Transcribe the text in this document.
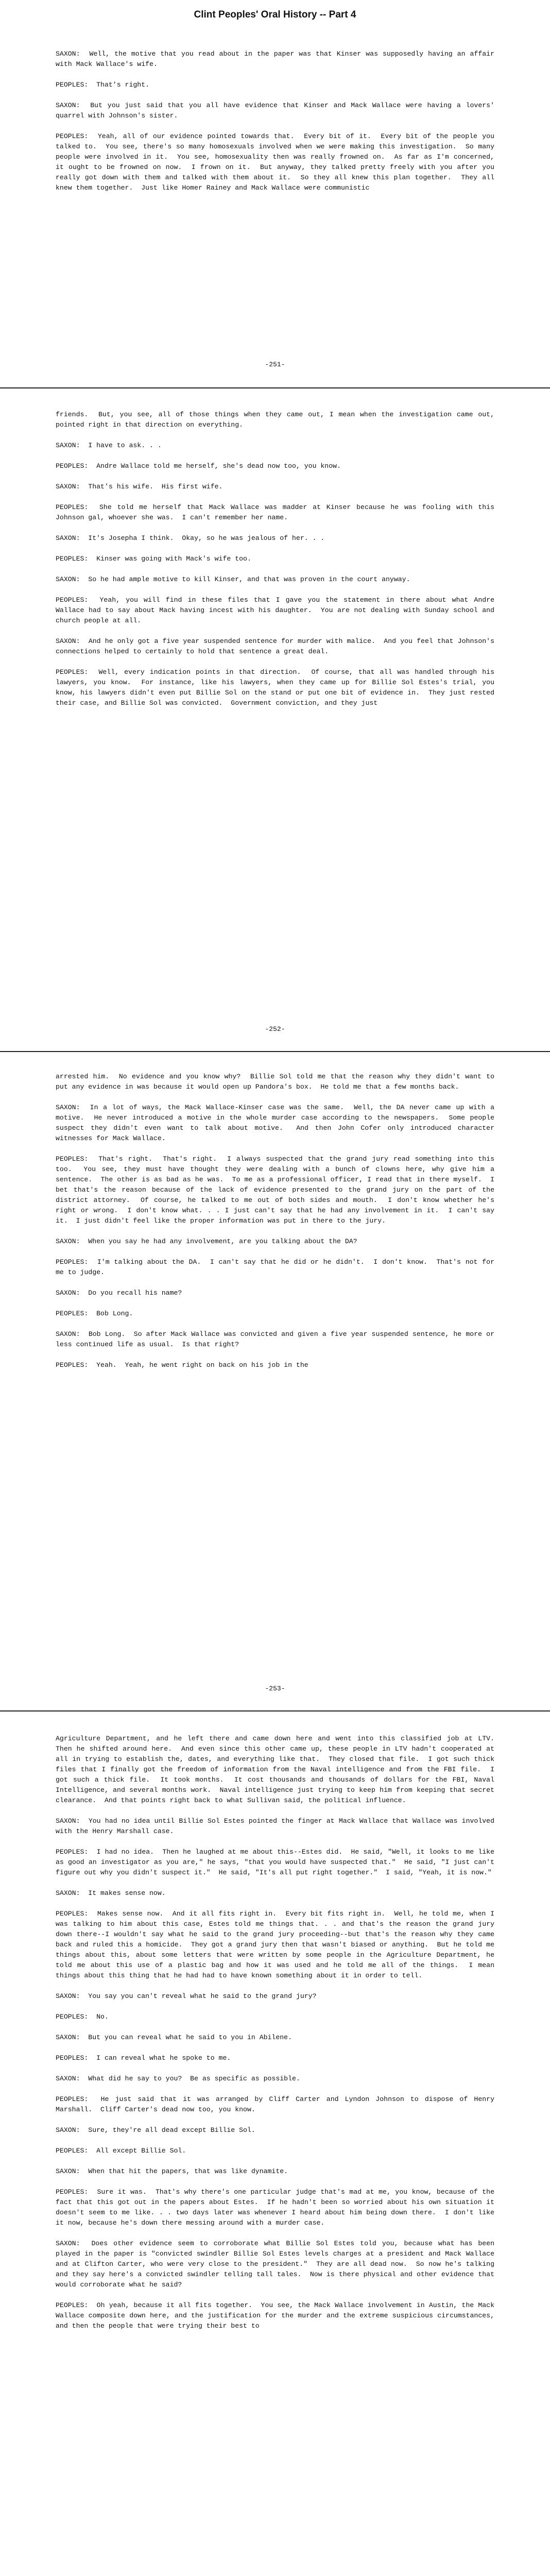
Clint Peoples' Oral History -- Part 4

SAXON:  Well, the motive that you read about in the paper was that Kinser was supposedly having an affair with Mack Wallace's wife.

PEOPLES:  That's right.

SAXON:  But you just said that you all have evidence that Kinser and Mack Wallace were having a lovers' quarrel with Johnson's sister.

PEOPLES:  Yeah, all of our evidence pointed towards that.  Every bit of it.  Every bit of the people you talked to.  You see, there's so many homosexuals involved when we were making this investigation.  So many people were involved in it.  You see, homosexuality then was really frowned on.  As far as I'm concerned, it ought to be frowned on now.  I frown on it.  But anyway, they talked pretty freely with you after you really got down with them and talked with them about it.  So they all knew this plan together.  They all knew them together.  Just like Homer Rainey and Mack Wallace were communistic

-251-

friends.  But, you see, all of those things when they came out, I mean when the investigation came out, pointed right in that direction on everything.

SAXON:  I have to ask. . .

PEOPLES:  Andre Wallace told me herself, she's dead now too, you know.

SAXON:  That's his wife.  His first wife.

PEOPLES:  She told me herself that Mack Wallace was madder at Kinser because he was fooling with this Johnson gal, whoever she was.  I can't remember her name.

SAXON:  It's Josepha I think.  Okay, so he was jealous of her. . .

PEOPLES:  Kinser was going with Mack's wife too.

SAXON:  So he had ample motive to kill Kinser, and that was proven in the court anyway.

PEOPLES:  Yeah, you will find in these files that I gave you the statement in there about what Andre Wallace had to say about Mack having incest with his daughter.  You are not dealing with Sunday school and church people at all.

SAXON:  And he only got a five year suspended sentence for murder with malice.  And you feel that Johnson's connections helped to certainly to hold that sentence a great deal.

PEOPLES:  Well, every indication points in that direction.  Of course, that all was handled through his lawyers, you know.  For instance, like his lawyers, when they came up for Billie Sol Estes's trial, you know, his lawyers didn't even put Billie Sol on the stand or put one bit of evidence in.  They just rested their case, and Billie Sol was convicted.  Government conviction, and they just

-252-

arrested him.  No evidence and you know why?  Billie Sol told me that the reason why they didn't want to put any evidence in was because it would open up Pandora's box.  He told me that a few months back.

SAXON:  In a lot of ways, the Mack Wallace-Kinser case was the same.  Well, the DA never came up with a motive.  He never introduced a motive in the whole murder case according to the newspapers.  Some people suspect they didn't even want to talk about motive.  And then John Cofer only introduced character witnesses for Mack Wallace.

PEOPLES:  That's right.  That's right.  I always suspected that the grand jury read something into this too.  You see, they must have thought they were dealing with a bunch of clowns here, why give him a sentence.  The other is as bad as he was.  To me as a professional officer, I read that in there myself.  I bet that's the reason because of the lack of evidence presented to the grand jury on the part of the district attorney.  Of course, he talked to me out of both sides and mouth.  I don't know whether he's right or wrong.  I don't know what. . . I just can't say that he had any involvement in it.  I can't say it.  I just didn't feel like the proper information was put in there to the jury.

SAXON:  When you say he had any involvement, are you talking about the DA?

PEOPLES:  I'm talking about the DA.  I can't say that he did or he didn't.  I don't know.  That's not for me to judge.

SAXON:  Do you recall his name?

PEOPLES:  Bob Long.

SAXON:  Bob Long.  So after Mack Wallace was convicted and given a five year suspended sentence, he more or less continued life as usual.  Is that right?

PEOPLES:  Yeah.  Yeah, he went right on back on his job in the

-253-

Agriculture Department, and he left there and came down here and went into this classified job at LTV.  Then he shifted around here.  And even since this other came up, these people in LTV hadn't cooperated at all in trying to establish the, dates, and everything like that.  They closed that file.  I got such thick files that I finally got the freedom of information from the Naval intelligence and from the FBI file.  I got such a thick file.  It took months.  It cost thousands and thousands of dollars for the FBI, Naval Intelligence, and several months work.  Naval intelligence just trying to keep him from keeping that secret clearance.  And that points right back to what Sullivan said, the political influence.

SAXON:  You had no idea until Billie Sol Estes pointed the finger at Mack Wallace that Wallace was involved with the Henry Marshall case.

PEOPLES:  I had no idea.  Then he laughed at me about this--Estes did.  He said, "Well, it looks to me like as good an investigator as you are," he says, "that you would have suspected that."  He said, "I just can't figure out why you didn't suspect it."  He said, "It's all put right together."  I said, "Yeah, it is now."

SAXON:  It makes sense now.

PEOPLES:  Makes sense now.  And it all fits right in.  Every bit fits right in.  Well, he told me, when I was talking to him about this case, Estes told me things that. . . and that's the reason the grand jury down there--I wouldn't say what he said to the grand jury proceeding--but that's the reason why they came back and ruled this a homicide.  They got a grand jury then that wasn't biased or anything.  But he told me things about this, about some letters that were written by some people in the Agriculture Department, he told me about this use of a plastic bag and how it was used and he told me all of the things.  I mean things about this thing that he had had to have known something about it in order to tell.

SAXON:  You say you can't reveal what he said to the grand jury?

PEOPLES:  No.

SAXON:  But you can reveal what he said to you in Abilene.

PEOPLES:  I can reveal what he spoke to me.

SAXON:  What did he say to you?  Be as specific as possible.

PEOPLES:  He just said that it was arranged by Cliff Carter and Lyndon Johnson to dispose of Henry Marshall.  Cliff Carter's dead now too, you know.

SAXON:  Sure, they're all dead except Billie Sol.

PEOPLES:  All except Billie Sol.

SAXON:  When that hit the papers, that was like dynamite.

PEOPLES:  Sure it was.  That's why there's one particular judge that's mad at me, you know, because of the fact that this got out in the papers about Estes.  If he hadn't been so worried about his own situation it doesn't seem to me like. . . two days later was whenever I heard about him being down there.  I don't like it now, because he's down there messing around with a murder case.

SAXON:  Does other evidence seem to corroborate what Billie Sol Estes told you, because what has been played in the paper is "convicted swindler Billie Sol Estes levels charges at a president and Mack Wallace and at Clifton Carter, who were very close to the president."  They are all dead now.  So now he's talking and they say here's a convicted swindler telling tall tales.  Now is there physical and other evidence that would corroborate what he said?

PEOPLES:  Oh yeah, because it all fits together.  You see, the Mack Wallace involvement in Austin, the Mack Wallace composite down here, and the justification for the murder and the extreme suspicious circumstances, and then the people that were trying their best to
